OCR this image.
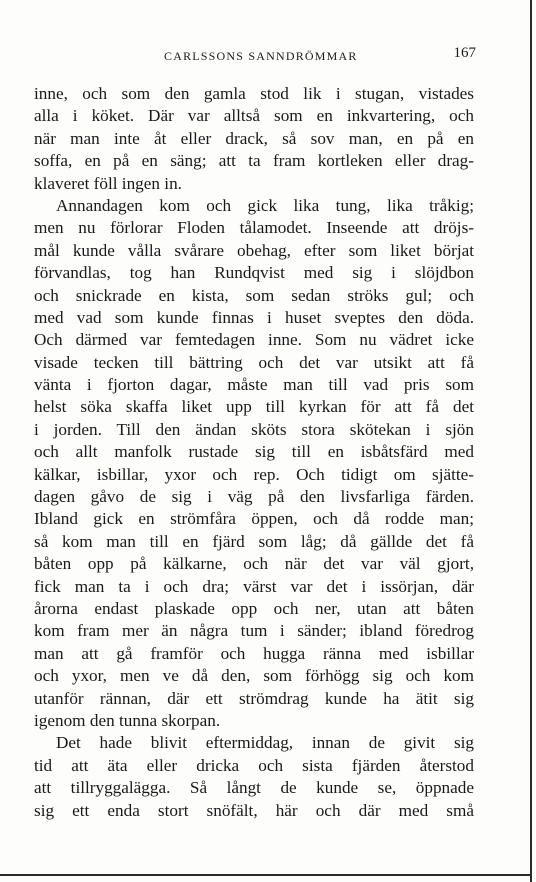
CARLSSONS SANNDRÖMMAR	167
inne, och som den gamla stod lik i stugan, vistades
alla i köket. Där var alltså som en inkvartering, och
när man inte åt eller drack, så sov man, en på en
soffa, en på en säng; att ta fram kortleken eller drag-
klaveret föll ingen in.
Annandagen kom och gick lika tung, lika tråkig;
men nu förlorar Floden tålamodet. Inseende att dröjs-
mål kunde vålla svårare obehag, efter som liket börjat
förvandlas, tog han Rundqvist med sig i slöjdbon
och snickrade en kista, som sedan ströks gul; och
med vad som kunde finnas i huset sveptes den döda.
Och därmed var femtedagen inne. Som nu vädret icke
visade tecken till bättring och det var utsikt att få
vänta i fjorton dagar, måste man till vad pris som
helst söka skaffa liket upp till kyrkan för att få det
i jorden. Till den ändan sköts stora skötekan i sjön
och allt manfolk rustade sig till en isbåtsfärd med
kälkar, isbillar, yxor och rep. Och tidigt om sjätte-
dagen gåvo de sig i väg på den livsfarliga färden.
Ibland gick en strömfåra öppen, och då rodde man;
så kom man till en fjärd som låg; då gällde det få
båten opp på kälkarne, och när det var väl gjort,
fick man ta i och dra; värst var det i issörjan, där
årorna endast plaskade opp och ner, utan att båten
kom fram mer än några tum i sänder; ibland föredrog
man att gå framför och hugga ränna med isbillar
och yxor, men ve då den, som förhögg sig och kom
utanför rännan, där ett strömdrag kunde ha ätit sig
igenom den tunna skorpan.
Det hade blivit eftermiddag, innan de givit sig
tid att äta eller dricka och sista fjärden återstod
att tillryggalägga. Så långt de kunde se, öppnade
sig ett enda stort snöfält, här och där med små
